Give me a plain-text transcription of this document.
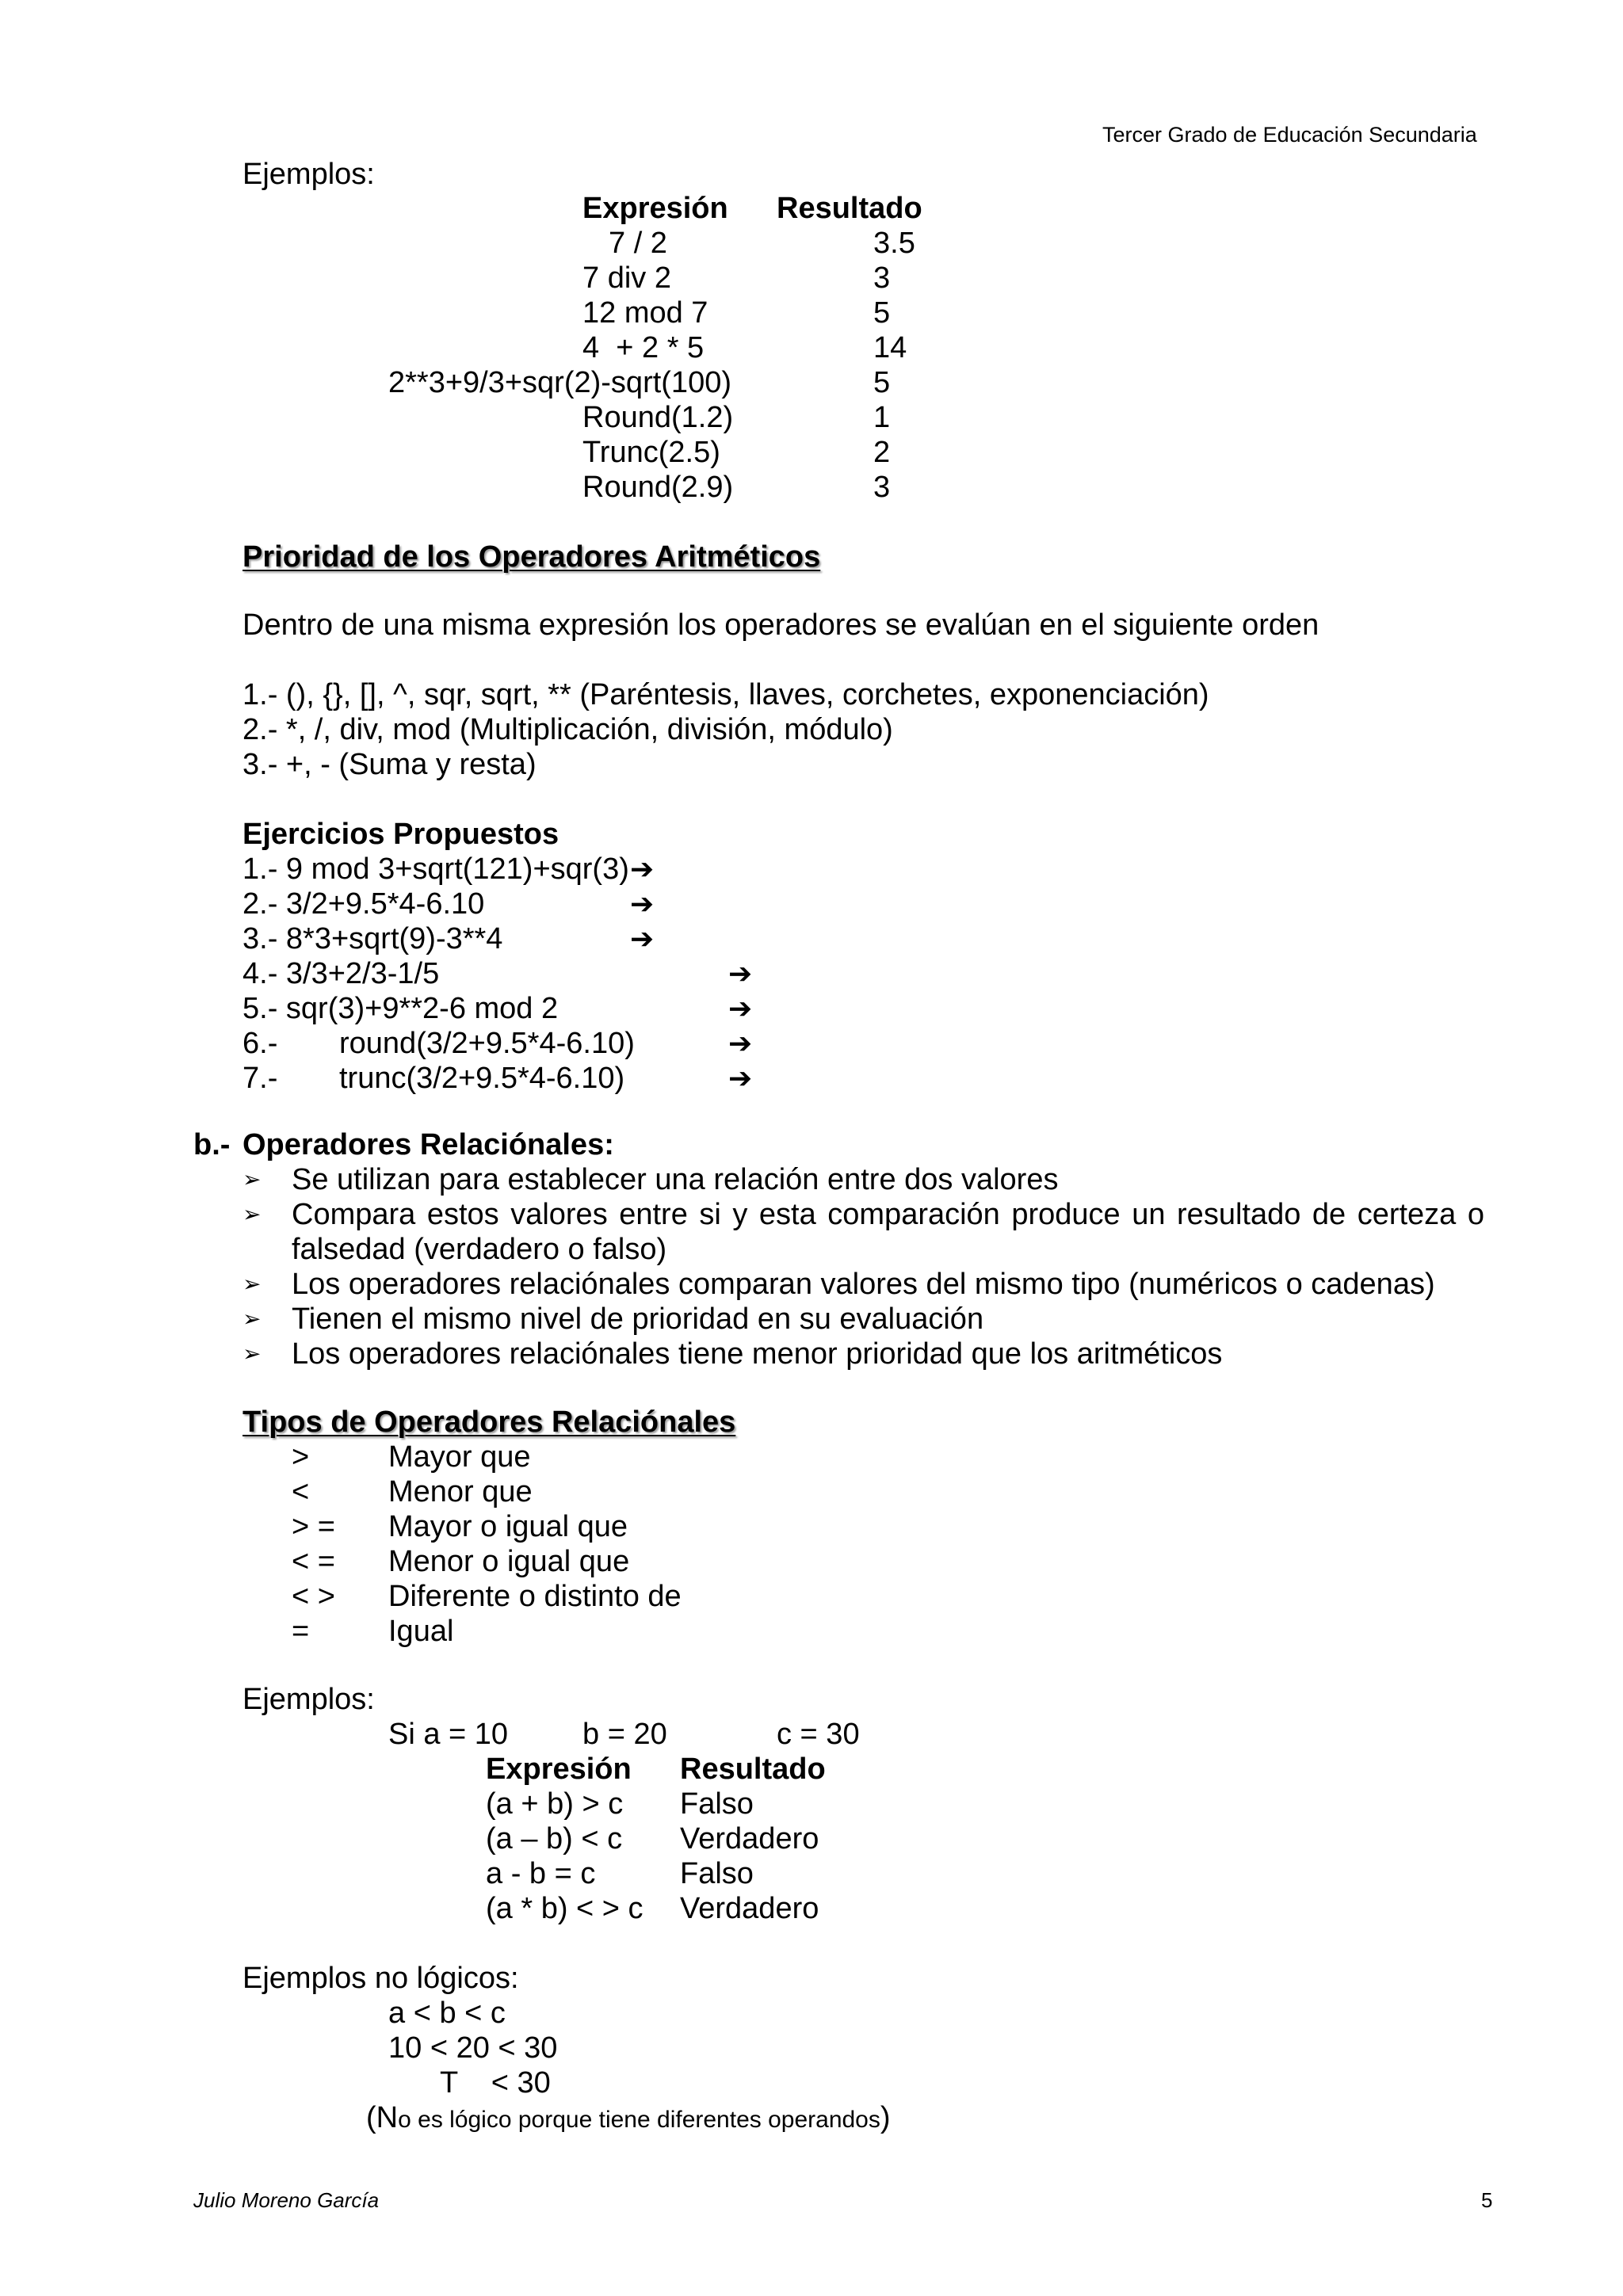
Tercer Grado de Educación Secundaria
Ejemplos:
Expresión Resultado
7 / 2	3.5
7 div 2	3
12 mod 7	5
4  + 2 * 5	14
2**3+9/3+sqr(2)-sqrt(100)	5
Round(1.2)	1
Trunc(2.5)	2
Round(2.9)	3
Prioridad de los Operadores Aritméticos
Dentro de una misma expresión los operadores se evalúan en el siguiente orden
1.- (), {}, [], ^, sqr, sqrt, ** (Paréntesis, llaves, corchetes, exponenciación)
2.- *, /, div, mod (Multiplicación, división, módulo)
3.- +, - (Suma y resta)
Ejercicios Propuestos
1.- 9 mod 3+sqrt(121)+sqr(3) ➔
2.- 3/2+9.5*4-6.10	➔
3.- 8*3+sqrt(9)-3**4	➔
4.- 3/3+2/3-1/5	➔
5.- sqr(3)+9**2-6 mod 2	➔
6.- round(3/2+9.5*4-6.10)	➔
7.- trunc(3/2+9.5*4-6.10)	➔
b.- Operadores Relaciónales:
➢ Se utilizan para establecer una relación entre dos valores
➢ Compara estos valores entre si y esta comparación produce un resultado de certeza o
falsedad (verdadero o falso)
➢ Los operadores relaciónales comparan valores del mismo tipo (numéricos o cadenas)
➢ Tienen el mismo nivel de prioridad en su evaluación
➢ Los operadores relaciónales tiene menor prioridad que los aritméticos
Tipos de Operadores Relaciónales
>	Mayor que
<	Menor que
> = Mayor o igual que
< = Menor o igual que
< > Diferente o distinto de
=	Igual
Ejemplos:
Si a = 10 b = 20	c = 30
Expresión Resultado
(a + b) > c Falso
(a – b) < c Verdadero
a - b = c	Falso
(a * b) < > c Verdadero
Ejemplos no lógicos:
a < b < c
10 < 20 < 30
T    < 30
(No es lógico porque tiene diferentes operandos)
Julio Moreno García	5
